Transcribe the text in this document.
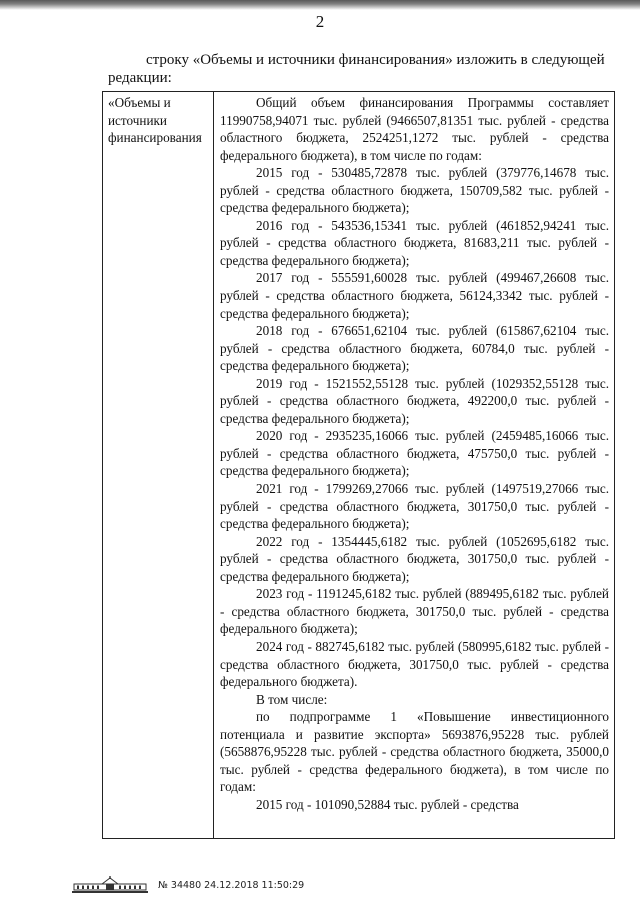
2
строку «Объемы и источники финансирования» изложить в следующей
редакции:
«Объемы и источники финансирования	

Общий объем финансирования Программы составляет 11990758,94071 тыс. рублей (9466507,81351 тыс. рублей - средства областного бюджета, 2524251,1272 тыс. рублей - средства федерального бюджета), в том числе по годам:

2015 год - 530485,72878 тыс. рублей (379776,14678 тыс. рублей - средства областного бюджета, 150709,582 тыс. рублей - средства федерального бюджета);

2016 год - 543536,15341 тыс. рублей (461852,94241 тыс. рублей - средства областного бюджета, 81683,211 тыс. рублей - средства федерального бюджета);

2017 год - 555591,60028 тыс. рублей (499467,26608 тыс. рублей - средства областного бюджета, 56124,3342 тыс. рублей - средства федерального бюджета);

2018 год - 676651,62104 тыс. рублей (615867,62104 тыс. рублей - средства областного бюджета, 60784,0 тыс. рублей - средства федерального бюджета);

2019 год - 1521552,55128 тыс. рублей (1029352,55128 тыс. рублей - средства областного бюджета, 492200,0 тыс. рублей - средства федерального бюджета);

2020 год - 2935235,16066 тыс. рублей (2459485,16066 тыс. рублей - средства областного бюджета, 475750,0 тыс. рублей - средства федерального бюджета);

2021 год - 1799269,27066 тыс. рублей (1497519,27066 тыс. рублей - средства областного бюджета, 301750,0 тыс. рублей - средства федерального бюджета);

2022 год - 1354445,6182 тыс. рублей (1052695,6182 тыс. рублей - средства областного бюджета, 301750,0 тыс. рублей - средства федерального бюджета);

2023 год - 1191245,6182 тыс. рублей (889495,6182 тыс. рублей - средства областного бюджета, 301750,0 тыс. рублей - средства федерального бюджета);

2024 год - 882745,6182 тыс. рублей (580995,6182 тыс. рублей - средства областного бюджета, 301750,0 тыс. рублей - средства федерального бюджета).

В том числе:

по подпрограмме 1 «Повышение инвестиционного потенциала и развитие экспорта» 5693876,95228 тыс. рублей (5658876,95228 тыс. рублей - средства областного бюджета, 35000,0 тыс. рублей - средства федерального бюджета), в том числе по годам:

2015 год - 101090,52884 тыс. рублей - средства

№ 34480 24.12.2018 11:50:29
